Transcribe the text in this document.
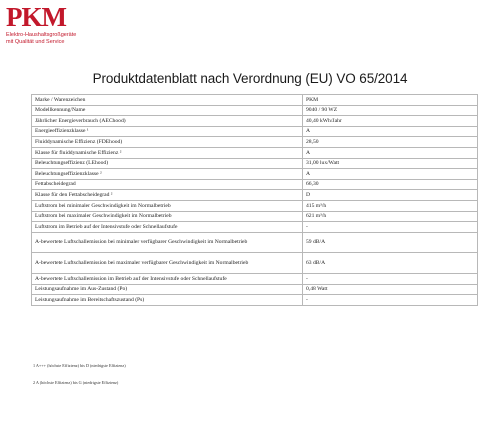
PKM
Elektro-Haushaltsgroßgeräte
mit Qualität und Service
Produktdatenblatt nach Verordnung (EU) VO 65/2014
Marke / Warenzeichen	PKM
Modellkennung/Name	9040 / 90 WZ
Jährlicher Energieverbrauch (AEChood)	40,40 kWh/Jahr
Energieeffizienzklasse ¹	A
Fluiddynamische Effizienz (FDEhood)	28,50
Klasse für fluiddynamische Effizienz ²	A
Beleuchtungseffizienz (LEhood)	31,00 lux/Watt
Beleuchtungseffizienzklasse ²	A
Fettabscheidegrad	66,30
Klasse für den Fettabscheidegrad ²	D
Luftstrom bei minimaler Geschwindigkeit im Normalbetrieb	415 m³/h
Luftstrom bei maximaler Geschwindigkeit im Normalbetrieb	621 m³/h
Luftstrom im Betrieb auf der Intensivstufe oder Schnellaufstufe	-
A-bewertete Luftschallemission bei minimaler verfügbarer Geschwindigkeit im Normalbetrieb	59 dB/A
A-bewertete Luftschallemission bei maximaler verfügbarer Geschwindigkeit im Normalbetrieb	63 dB/A
A-bewertete Luftschallemission im Betrieb auf der Intensivstufe oder Schnellaufstufe	-
Leistungsaufnahme im Aus-Zustand (Po)	0,48 Watt
Leistungsaufnahme im Bereitschaftszustand (Ps)	-
1 A+++ (höchste Effizienz) bis D (niedrigste Effizienz)
2 A (höchste Effizienz) bis G (niedrigste Effizienz)
